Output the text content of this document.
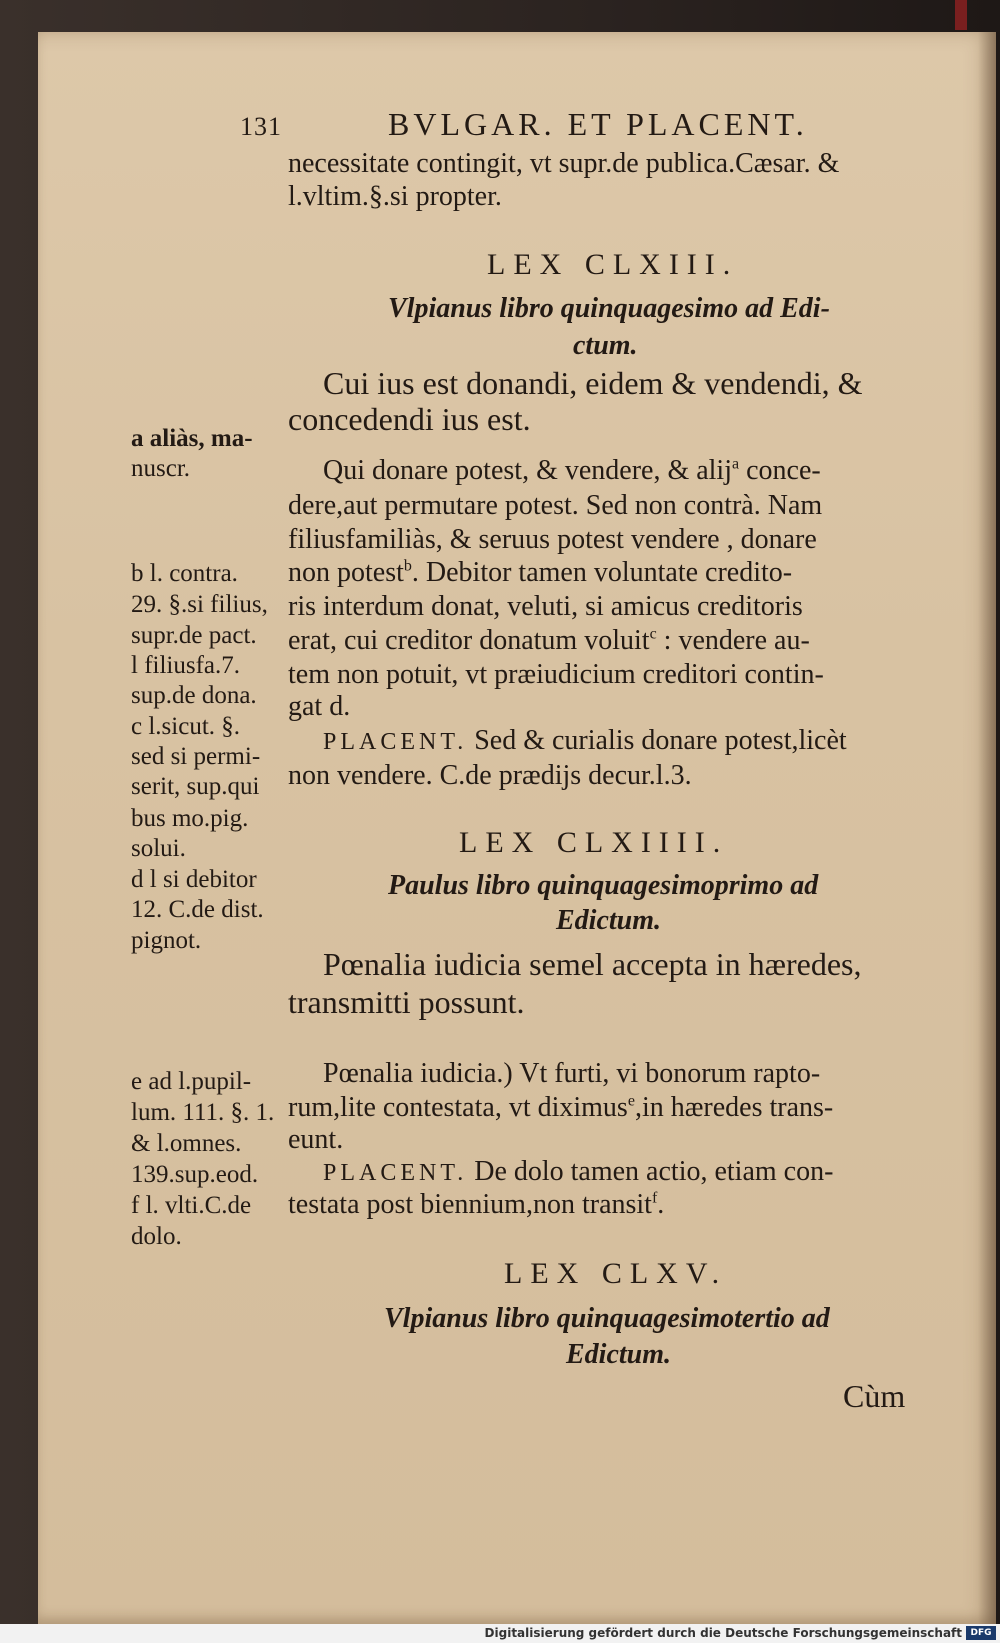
131	BVLGAR. ET PLACENT.
necessitate contingit, vt supr.de publica.Cæsar. &
l.vltim.§.si propter.
LEX CLXIII.
Vlpianus libro quinquagesimo ad Edi-
ctum.
Cui ius est donandi, eidem & vendendi, &
concedendi ius est.
Qui donare potest, & vendere, & alij$^a$ conce-
dere,aut permutare potest. Sed non contrà. Nam
filiusfamiliàs, & seruus potest vendere , donare
non potest$^b$. Debitor tamen voluntate credito-
ris interdum donat, veluti, si amicus creditoris
erat, cui creditor donatum voluit$^c$ : vendere au-
tem non potuit, vt præiudicium creditori contin-
gat d.
PLACENT. Sed & curialis donare potest,licèt
non vendere. C.de prædijs decur.l.3.
LEX CLXIIII.
Paulus libro quinquagesimoprimo ad
Edictum.
Pœnalia iudicia semel accepta in hæredes,
transmitti possunt.
Pœnalia iudicia.) Vt furti, vi bonorum rapto-
rum,lite contestata, vt diximus$^e$,in hæredes trans-
eunt.
PLACENT. De dolo tamen actio, etiam con-
testata post biennium,non transit$^f$.
LEX CLXV.
Vlpianus libro quinquagesimotertio ad
Edictum.
Cùm
a aliàs, ma-
nuscr.
b l. contra.
29. §.si filius,
supr.de pact.
l filiusfa.7.
sup.de dona.
c l.sicut. §.
sed si permi-
serit, sup.qui
bus mo.pig.
solui.
d l si debitor
12. C.de dist.
pignot.
e ad l.pupil-
lum. 111. §. 1.
& l.omnes.
139.sup.eod.
f l. vlti.C.de
dolo.
Digitalisierung gefördert durch die Deutsche Forschungsgemeinschaft DFG
